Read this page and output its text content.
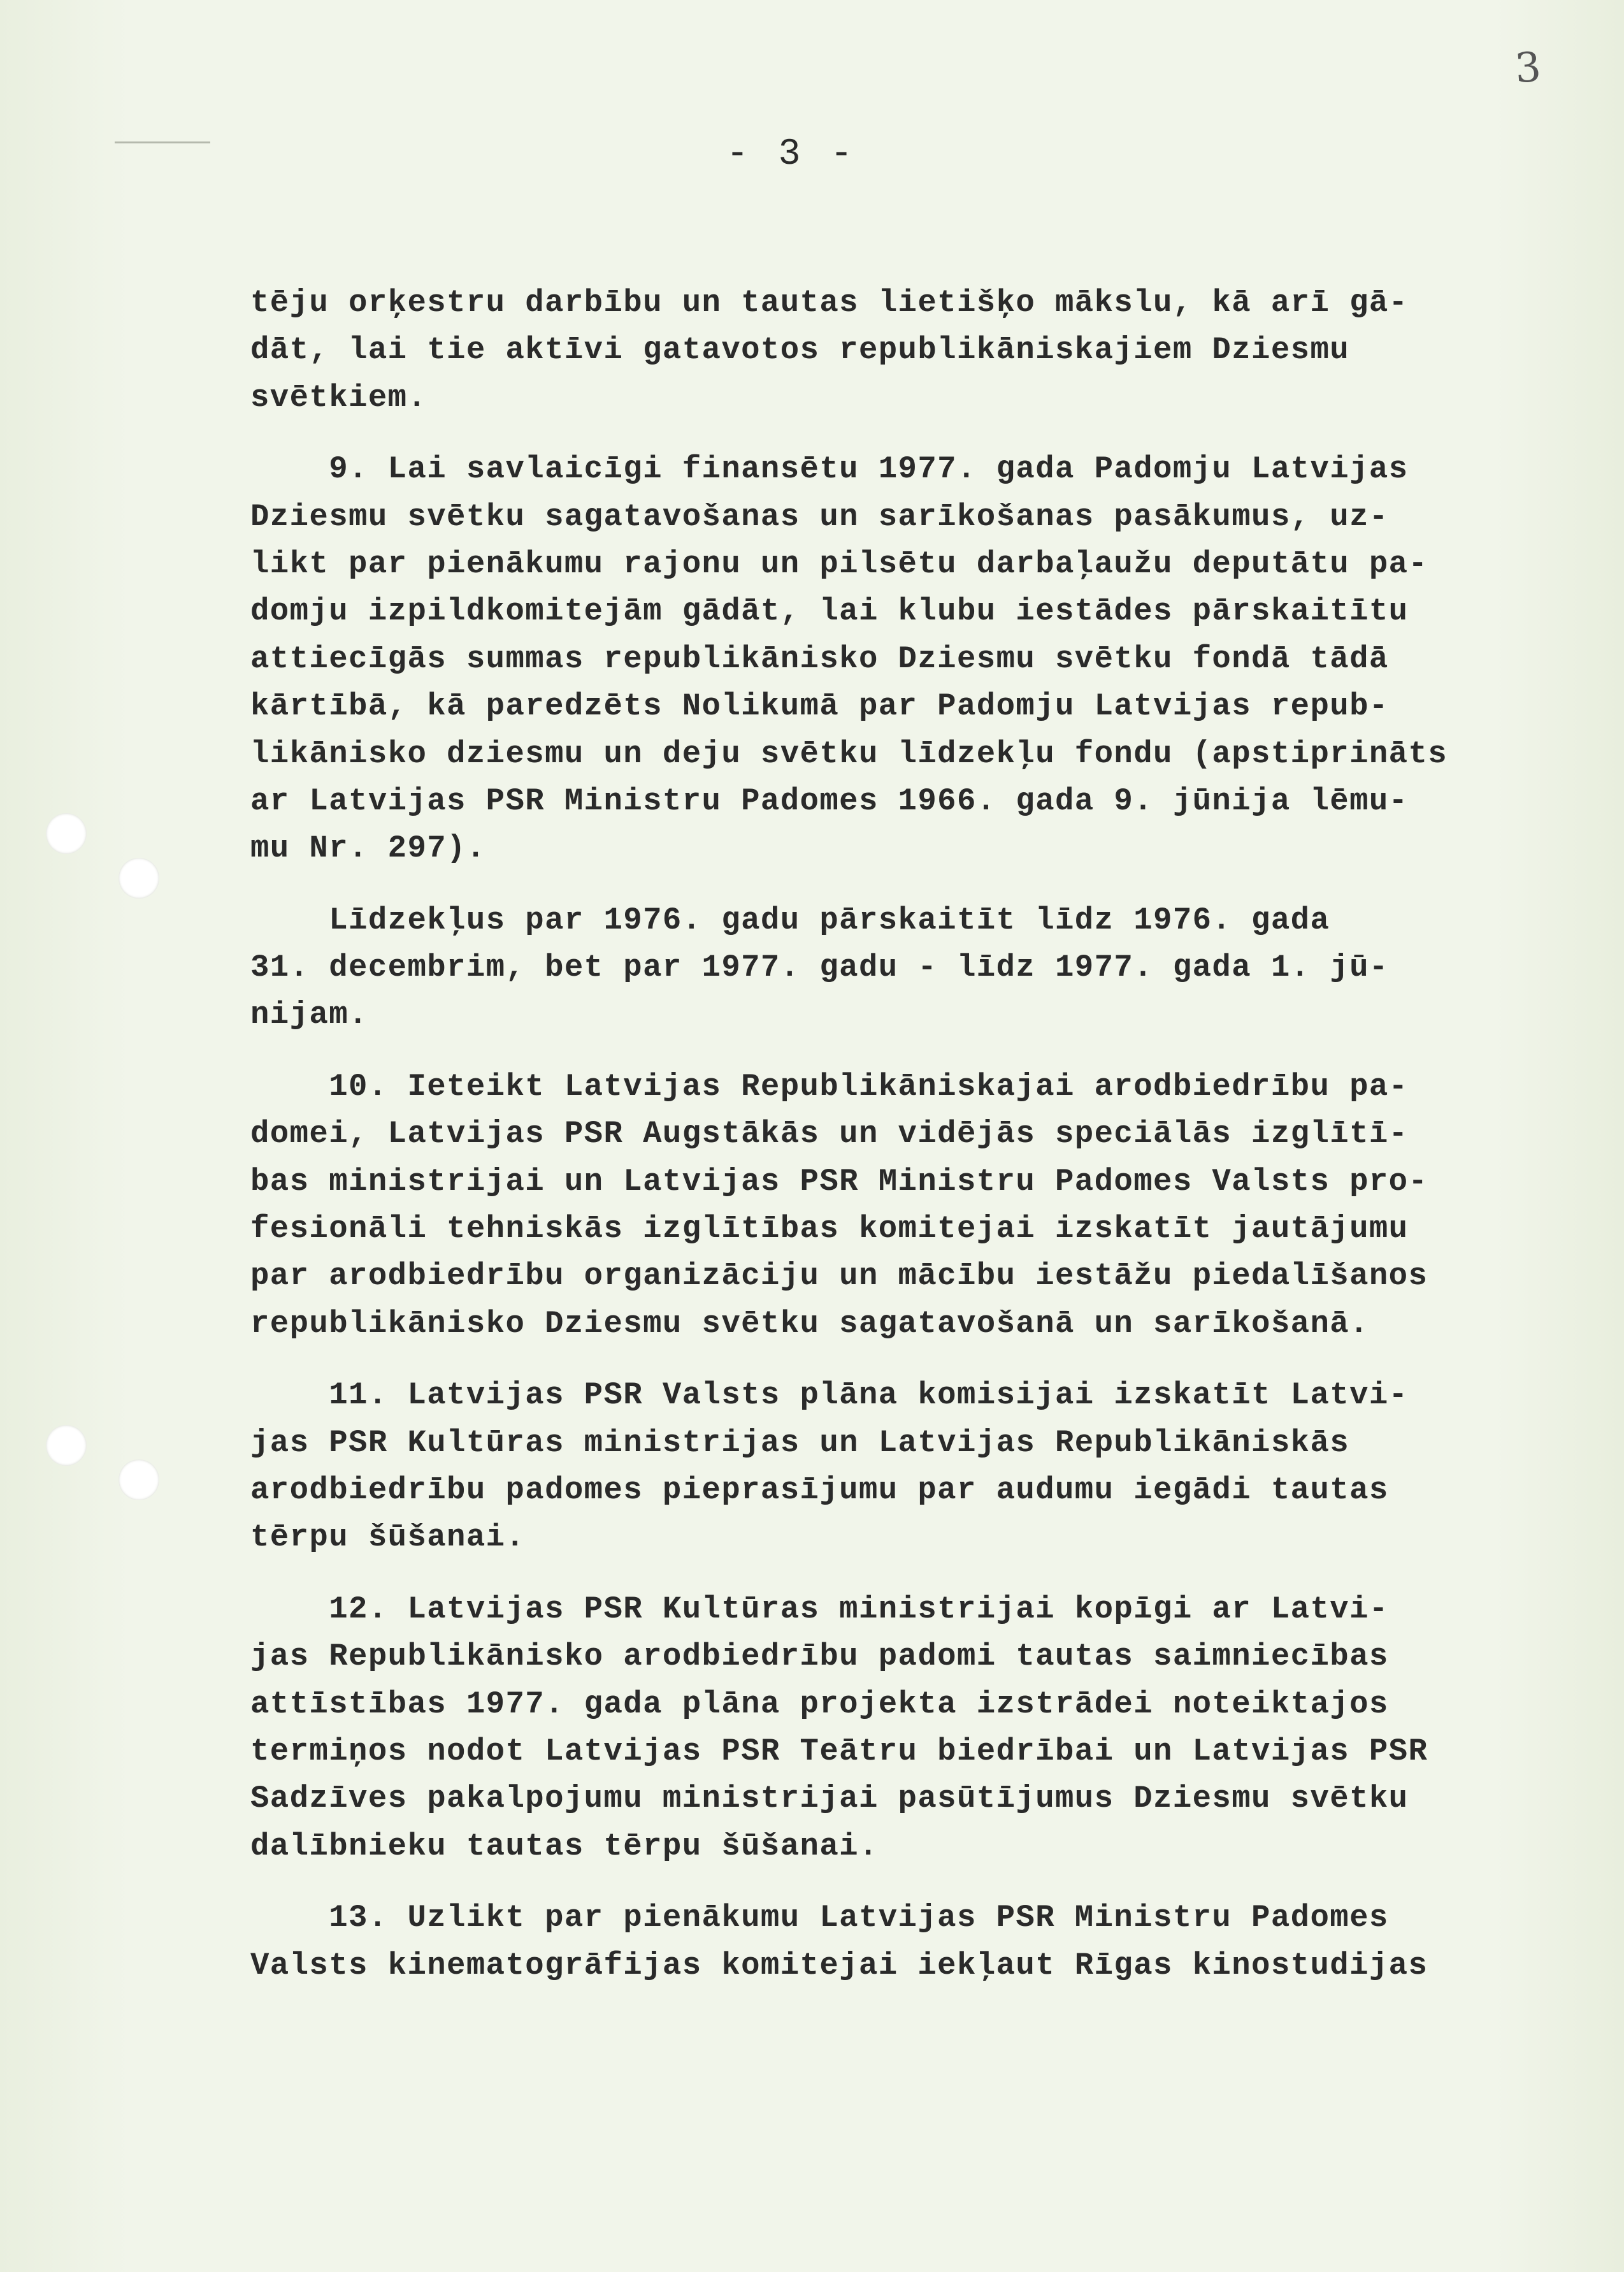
3
- 3 -
tēju orķestru darbību un tautas lietišķo mākslu, kā arī gā-
dāt, lai tie aktīvi gatavotos republikāniskajiem Dziesmu
svētkiem.
9. Lai savlaicīgi finansētu 1977. gada Padomju Latvijas
Dziesmu svētku sagatavošanas un sarīkošanas pasākumus, uz-
likt par pienākumu rajonu un pilsētu darbaļaužu deputātu pa-
domju izpildkomitejām gādāt, lai klubu iestādes pārskaitītu
attiecīgās summas republikānisko Dziesmu svētku fondā tādā
kārtībā, kā paredzēts Nolikumā par Padomju Latvijas repub-
likānisko dziesmu un deju svētku līdzekļu fondu (apstiprināts
ar Latvijas PSR Ministru Padomes 1966. gada 9. jūnija lēmu-
mu Nr. 297).
Līdzekļus par 1976. gadu pārskaitīt līdz 1976. gada
31. decembrim, bet par 1977. gadu - līdz 1977. gada 1. jū-
nijam.
10. Ieteikt Latvijas Republikāniskajai arodbiedrību pa-
domei, Latvijas PSR Augstākās un vidējās speciālās izglītī-
bas ministrijai un Latvijas PSR Ministru Padomes Valsts pro-
fesionāli tehniskās izglītības komitejai izskatīt jautājumu
par arodbiedrību organizāciju un mācību iestāžu piedalīšanos
republikānisko Dziesmu svētku sagatavošanā un sarīkošanā.
11. Latvijas PSR Valsts plāna komisijai izskatīt Latvi-
jas PSR Kultūras ministrijas un Latvijas Republikāniskās
arodbiedrību padomes pieprasījumu par audumu iegādi tautas
tērpu šūšanai.
12. Latvijas PSR Kultūras ministrijai kopīgi ar Latvi-
jas Republikānisko arodbiedrību padomi tautas saimniecības
attīstības 1977. gada plāna projekta izstrādei noteiktajos
termiņos nodot Latvijas PSR Teātru biedrībai un Latvijas PSR
Sadzīves pakalpojumu ministrijai pasūtījumus Dziesmu svētku
dalībnieku tautas tērpu šūšanai.
13. Uzlikt par pienākumu Latvijas PSR Ministru Padomes
Valsts kinematogrāfijas komitejai iekļaut Rīgas kinostudijas
